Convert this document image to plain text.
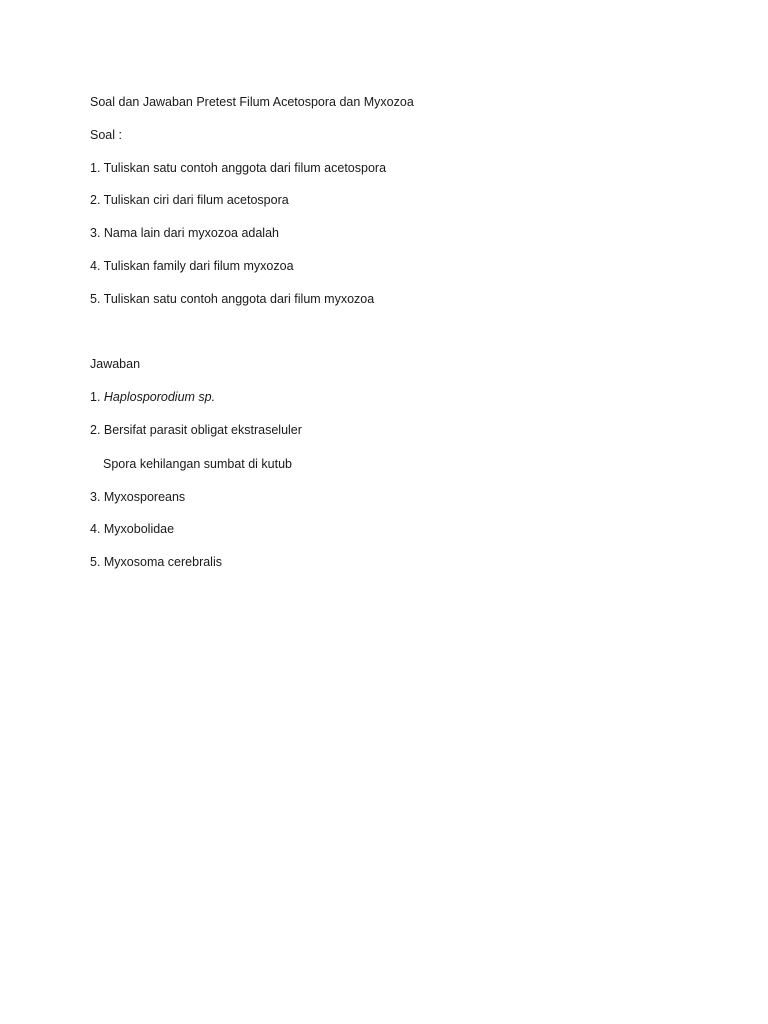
Soal dan Jawaban Pretest Filum Acetospora dan Myxozoa
Soal :
1. Tuliskan satu contoh anggota dari filum acetospora
2. Tuliskan ciri dari filum acetospora
3. Nama lain dari myxozoa adalah
4. Tuliskan family dari filum myxozoa
5. Tuliskan satu contoh anggota dari filum myxozoa
Jawaban
1. Haplosporodium sp.
2. Bersifat parasit obligat ekstraseluler
Spora kehilangan sumbat di kutub
3. Myxosporeans
4. Myxobolidae
5. Myxosoma cerebralis
